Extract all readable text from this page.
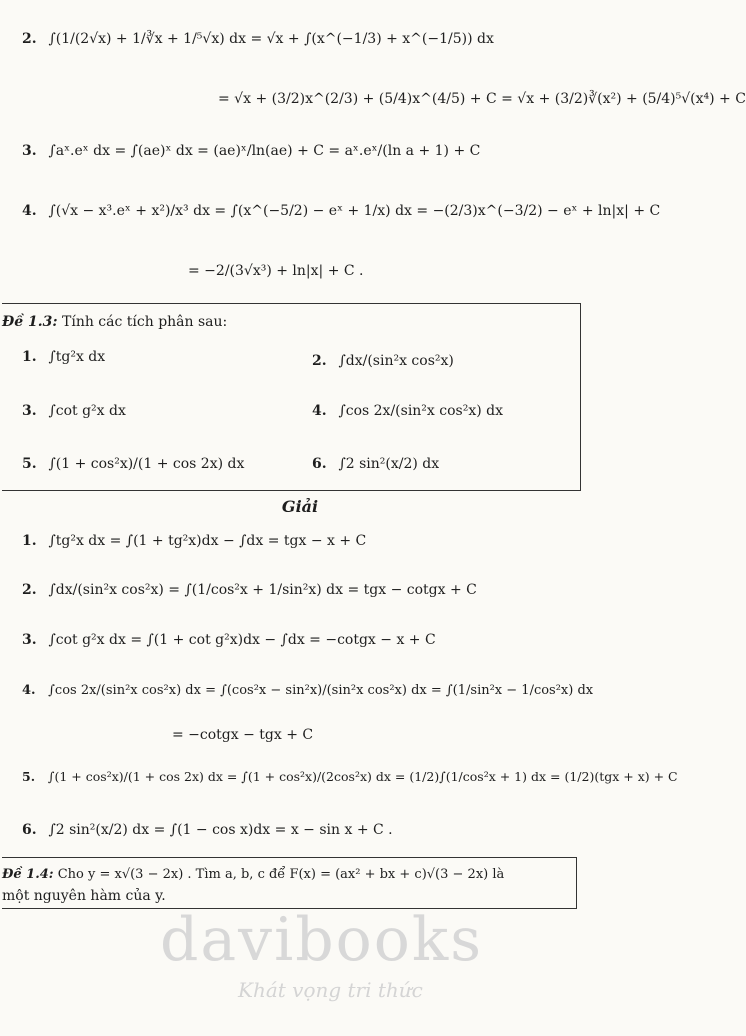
2. ∫(1/(2√x) + 1/∛x + 1/⁵√x) dx = √x + ∫(x^(−1/3) + x^(−1/5)) dx
= √x + (3/2)x^(2/3) + (5/4)x^(4/5) + C = √x + (3/2)∛(x²) + (5/4)⁵√(x⁴) + C
3. ∫aˣ.eˣ dx = ∫(ae)ˣ dx = (ae)ˣ/ln(ae) + C = aˣ.eˣ/(ln a + 1) + C
4. ∫(√x − x³.eˣ + x²)/x³ dx = ∫(x^(−5/2) − eˣ + 1/x) dx = −(2/3)x^(−3/2) − eˣ + ln|x| + C
= −2/(3√x³) + ln|x| + C .
Đề 1.3: Tính các tích phân sau:
1. ∫tg²x dx	2. ∫dx/(sin²x cos²x)
3. ∫cot g²x dx	4. ∫cos 2x/(sin²x cos²x) dx
5. ∫(1 + cos²x)/(1 + cos 2x) dx	6. ∫2 sin²(x/2) dx
Giải
1. ∫tg²x dx = ∫(1 + tg²x)dx − ∫dx = tgx − x + C
2. ∫dx/(sin²x cos²x) = ∫(1/cos²x + 1/sin²x) dx = tgx − cotgx + C
3. ∫cot g²x dx = ∫(1 + cot g²x)dx − ∫dx = −cotgx − x + C
4. ∫cos 2x/(sin²x cos²x) dx = ∫(cos²x − sin²x)/(sin²x cos²x) dx = ∫(1/sin²x − 1/cos²x) dx
= −cotgx − tgx + C
5. ∫(1 + cos²x)/(1 + cos 2x) dx = ∫(1 + cos²x)/(2cos²x) dx = (1/2)∫(1/cos²x + 1) dx = (1/2)(tgx + x) + C
6. ∫2 sin²(x/2) dx = ∫(1 − cos x)dx = x − sin x + C .
Đề 1.4: Cho y = x√(3 − 2x) . Tìm a, b, c để F(x) = (ax² + bx + c)√(3 − 2x) là
một nguyên hàm của y.
davibooks
Khát vọng tri thức
